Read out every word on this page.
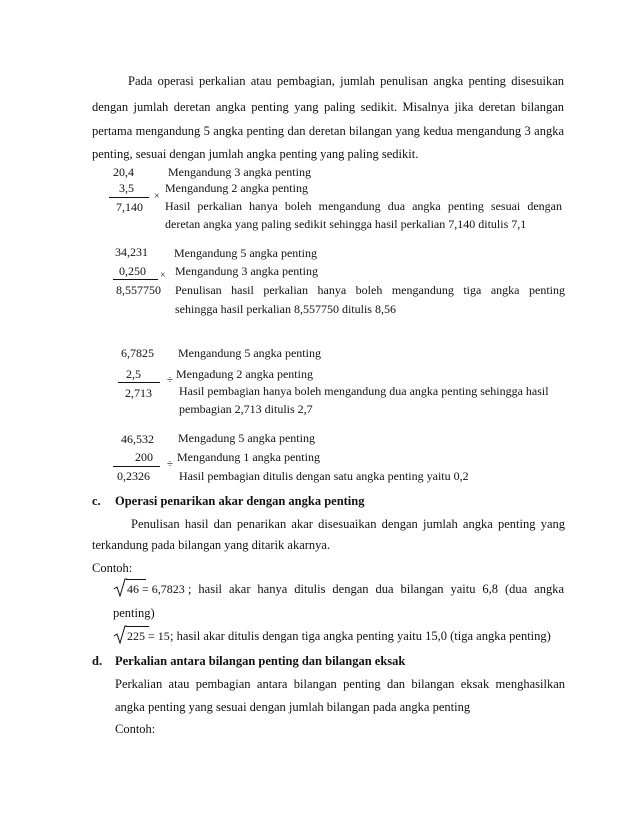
Pada operasi perkalian atau pembagian, jumlah penulisan angka penting disesuikan
dengan jumlah deretan angka penting yang paling sedikit. Misalnya jika deretan bilangan
pertama mengandung 5 angka penting dan deretan bilangan yang kedua mengandung 3 angka
penting, sesuai dengan jumlah angka penting yang paling sedikit.
20,4
3,5
×
7,140
Mengandung 3 angka penting
Mengandung 2 angka penting
Hasil perkalian hanya boleh mengandung dua angka penting sesuai dengan
deretan angka yang paling sedikit sehingga hasil perkalian 7,140 ditulis 7,1
34,231
0,250 ×
8,557750
Mengandung 5 angka penting
Mengandung 3 angka penting
Penulisan hasil perkalian hanya boleh mengandung tiga angka penting
sehingga hasil perkalian 8,557750 ditulis 8,56
6,7825
2,5 ÷
2,713
Mengandung 5 angka penting
Mengadung 2 angka penting
Hasil pembagian hanya boleh mengandung dua angka penting sehingga hasil
pembagian 2,713 ditulis 2,7
46,532
200 ÷
0,2326
Mengadung 5 angka penting
Mengandung 1 angka penting
Hasil pembagian ditulis dengan satu angka penting yaitu 0,2
c. Operasi penarikan akar dengan angka penting
Penulisan hasil dan penarikan akar disesuaikan dengan jumlah angka penting yang
terkandung pada bilangan yang ditarik akarnya.
Contoh:
46 = 6,7823 ; hasil akar hanya ditulis dengan dua bilangan yaitu 6,8 (dua angka
penting)
225 = 15 ; hasil akar ditulis dengan tiga angka penting yaitu 15,0 (tiga angka penting)
d. Perkalian antara bilangan penting dan bilangan eksak
Perkalian atau pembagian antara bilangan penting dan bilangan eksak menghasilkan
angka penting yang sesuai dengan jumlah bilangan pada angka penting
Contoh:
